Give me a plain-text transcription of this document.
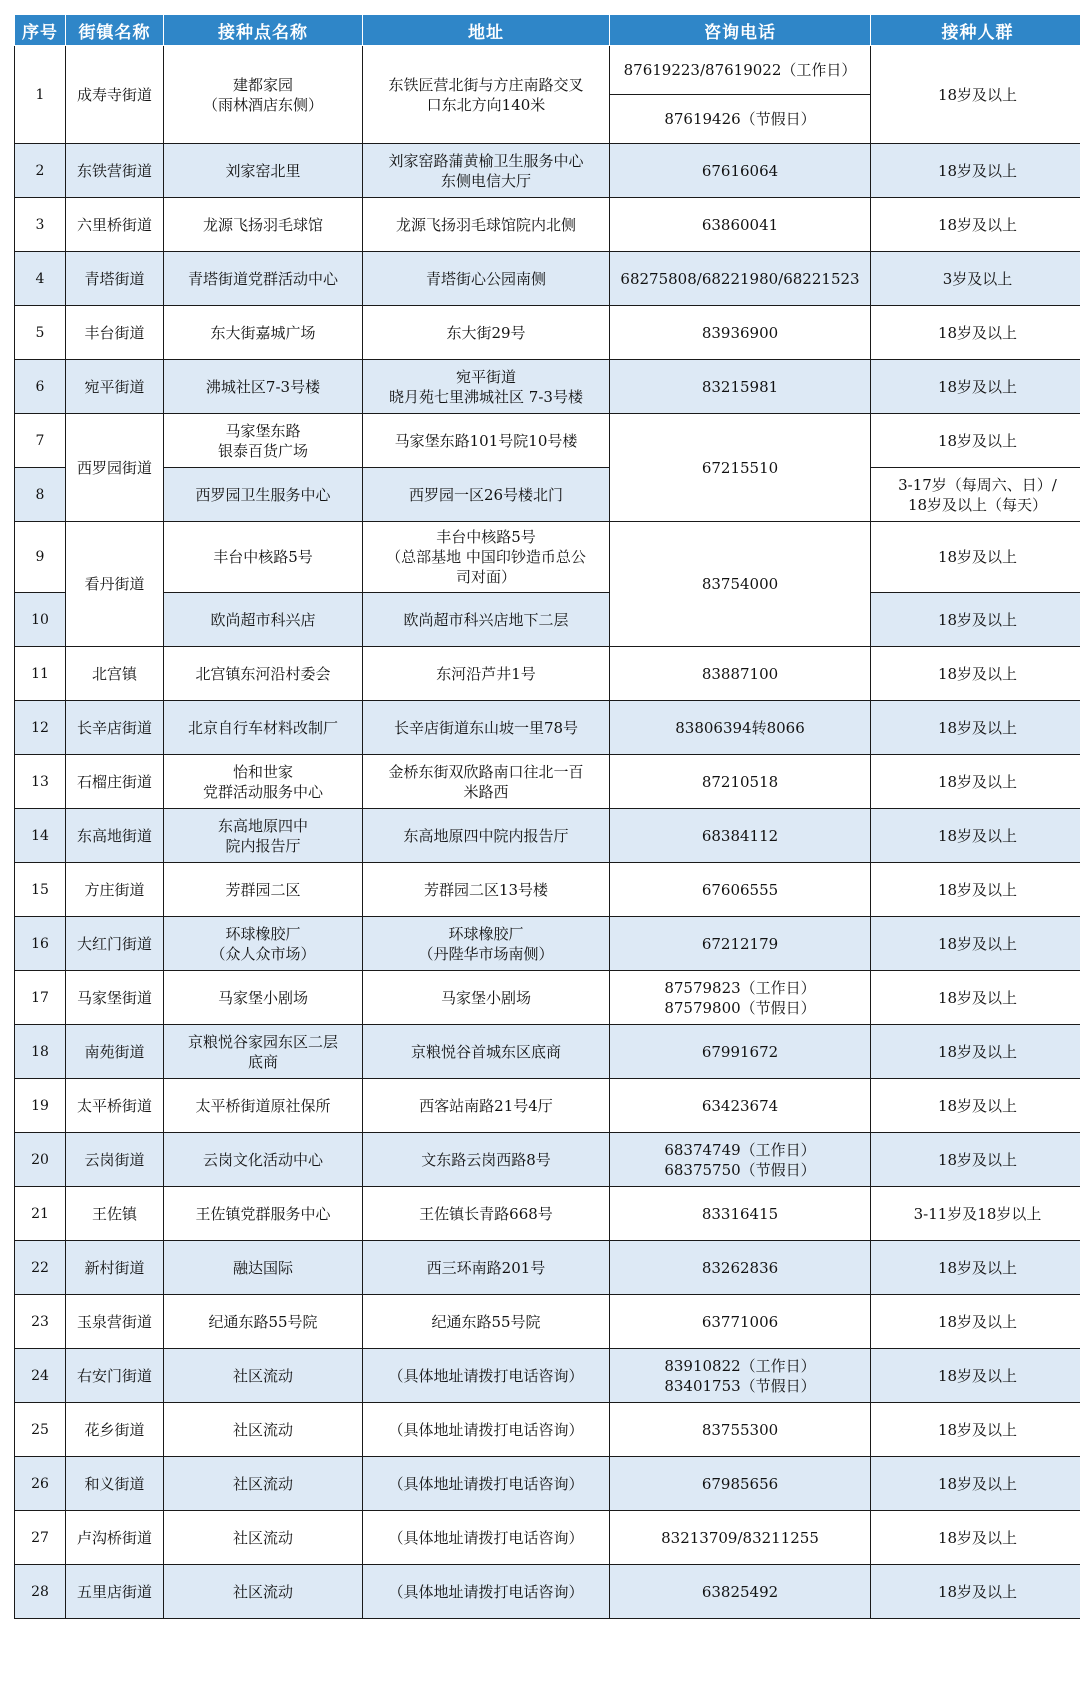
序号	街镇名称	接种点名称	地址	咨询电话	接种人群
1	成寿寺街道	建都家园
（雨林酒店东侧）	东铁匠营北街与方庄南路交叉
口东北方向140米	87619223/87619022（工作日）	18岁及以上
				87619426（节假日）	
2	东铁营街道	刘家窑北里	刘家窑路蒲黄榆卫生服务中心
东侧电信大厅	67616064	18岁及以上
3	六里桥街道	龙源飞扬羽毛球馆	龙源飞扬羽毛球馆院内北侧	63860041	18岁及以上
4	青塔街道	青塔街道党群活动中心	青塔街心公园南侧	68275808/68221980/68221523	3岁及以上
5	丰台街道	东大街嘉城广场	东大街29号	83936900	18岁及以上
6	宛平街道	沸城社区7-3号楼	宛平街道
晓月苑七里沸城社区 7-3号楼	83215981	18岁及以上
7	西罗园街道	马家堡东路
银泰百货广场	马家堡东路101号院10号楼	67215510	18岁及以上
8		西罗园卫生服务中心	西罗园一区26号楼北门		3-17岁（每周六、日）/
18岁及以上（每天）
9	看丹街道	丰台中核路5号	丰台中核路5号
（总部基地 中国印钞造币总公
司对面）	83754000	18岁及以上
10		欧尚超市科兴店	欧尚超市科兴店地下二层		18岁及以上
11	北宫镇	北宫镇东河沿村委会	东河沿芦井1号	83887100	18岁及以上
12	长辛店街道	北京自行车材料改制厂	长辛店街道东山坡一里78号	83806394转8066	18岁及以上
13	石榴庄街道	怡和世家
党群活动服务中心	金桥东街双欣路南口往北一百
米路西	87210518	18岁及以上
14	东高地街道	东高地原四中
院内报告厅	东高地原四中院内报告厅	68384112	18岁及以上
15	方庄街道	芳群园二区	芳群园二区13号楼	67606555	18岁及以上
16	大红门街道	环球橡胶厂
（众人众市场）	环球橡胶厂
（丹陛华市场南侧）	67212179	18岁及以上
17	马家堡街道	马家堡小剧场	马家堡小剧场	87579823（工作日）
87579800（节假日）	18岁及以上
18	南苑街道	京粮悦谷家园东区二层
底商	京粮悦谷首城东区底商	67991672	18岁及以上
19	太平桥街道	太平桥街道原社保所	西客站南路21号4厅	63423674	18岁及以上
20	云岗街道	云岗文化活动中心	文东路云岗西路8号	68374749（工作日）
68375750（节假日）	18岁及以上
21	王佐镇	王佐镇党群服务中心	王佐镇长青路668号	83316415	3-11岁及18岁以上
22	新村街道	融达国际	西三环南路201号	83262836	18岁及以上
23	玉泉营街道	纪通东路55号院	纪通东路55号院	63771006	18岁及以上
24	右安门街道	社区流动	（具体地址请拨打电话咨询）	83910822（工作日）
83401753（节假日）	18岁及以上
25	花乡街道	社区流动	（具体地址请拨打电话咨询）	83755300	18岁及以上
26	和义街道	社区流动	（具体地址请拨打电话咨询）	67985656	18岁及以上
27	卢沟桥街道	社区流动	（具体地址请拨打电话咨询）	83213709/83211255	18岁及以上
28	五里店街道	社区流动	（具体地址请拨打电话咨询）	63825492	18岁及以上
